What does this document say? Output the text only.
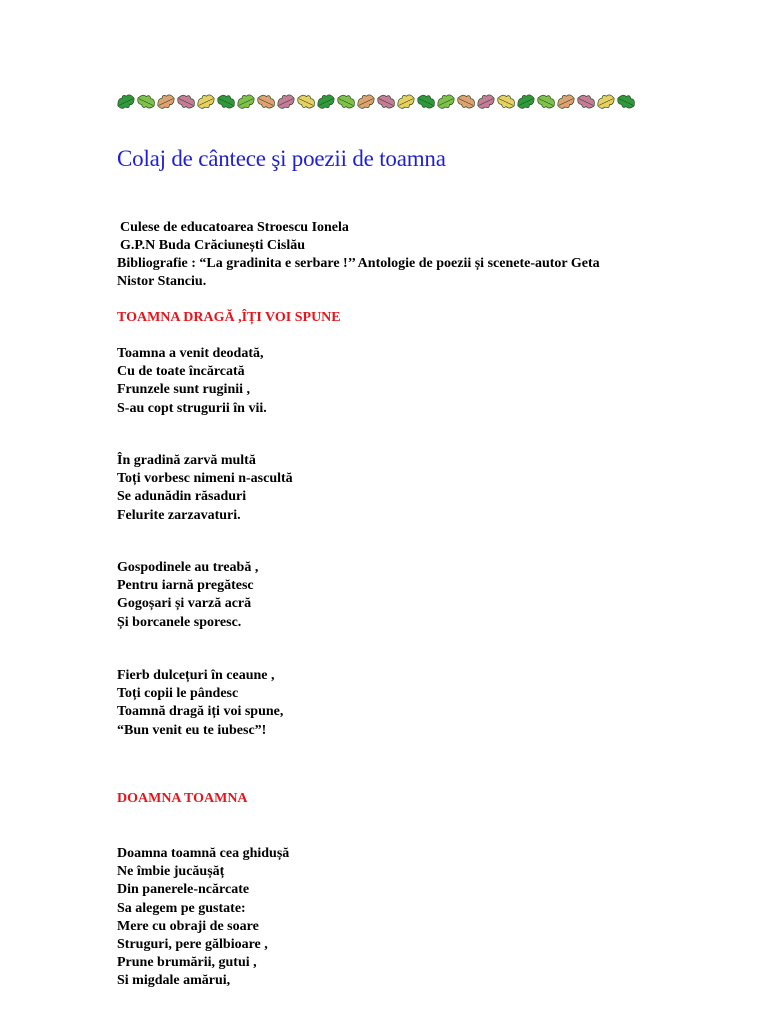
Colaj de cântece şi poezii de toamna
Culese de educatoarea Stroescu Ionela
G.P.N Buda Crăciunești Cislău
Bibliografie : “La gradinita e serbare !’’ Antologie de poezii și scenete-autor Geta
Nistor Stanciu.
TOAMNA DRAGĂ ,ÎȚI VOI SPUNE
Toamna a venit deodată,
Cu de toate încărcată
Frunzele sunt ruginii ,
S-au copt strugurii în vii.
În gradină zarvă multă
Toți vorbesc nimeni n-ascultă
Se adunădin răsaduri
Felurite zarzavaturi.
Gospodinele au treabă ,
Pentru iarnă pregătesc
Gogoșari și varză acră
Și borcanele sporesc.
Fierb dulcețuri în ceaune ,
Toți copii le pândesc
Toamnă dragă iți voi spune,
“Bun venit eu te iubesc”!
DOAMNA TOAMNA
Doamna toamnă cea ghidușă
Ne îmbie jucăușăț
Din panerele-ncărcate
Sa alegem pe gustate:
Mere cu obraji de soare
Struguri, pere gălbioare ,
Prune brumării, gutui ,
Si migdale amărui,
